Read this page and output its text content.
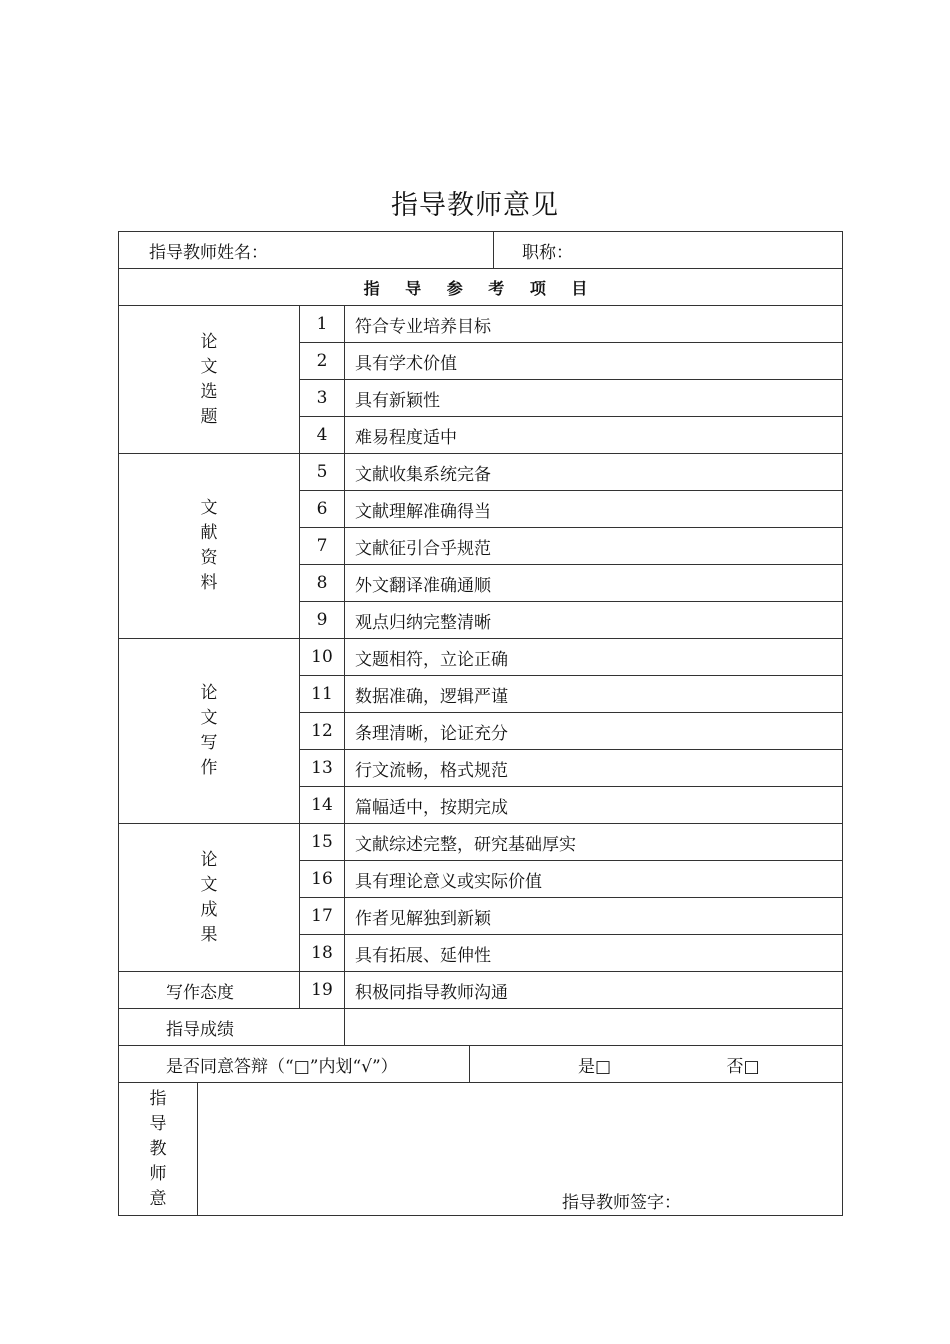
指导教师意见
指导教师姓名：					职称：
指 导 参 考 项 目					

论
文
选
题		1	符合专业培养目标		
		2	具有学术价值		
		3	具有新颖性		
		4	难易程度适中		

文
献
资
料		5	文献收集系统完备		
		6	文献理解准确得当		
		7	文献征引合乎规范		
		8	外文翻译准确通顺		
		9	观点归纳完整清晰		

论
文
写
作		10	文题相符，立论正确		
		11	数据准确，逻辑严谨		
		12	条理清晰，论证充分		
		13	行文流畅，格式规范		
		14	篇幅适中，按期完成		

论
文
成
果		15	文献综述完整，研究基础厚实		
		16	具有理论意义或实际价值		
		17	作者见解独到新颖		
		18	具有拓展、延伸性		
写作态度		19	积极同指导教师沟通		
指导成绩					
是否同意答辩（“□”内划“√”）				是□ 否□	

指
导
教
师
意	指导教师签字：				
